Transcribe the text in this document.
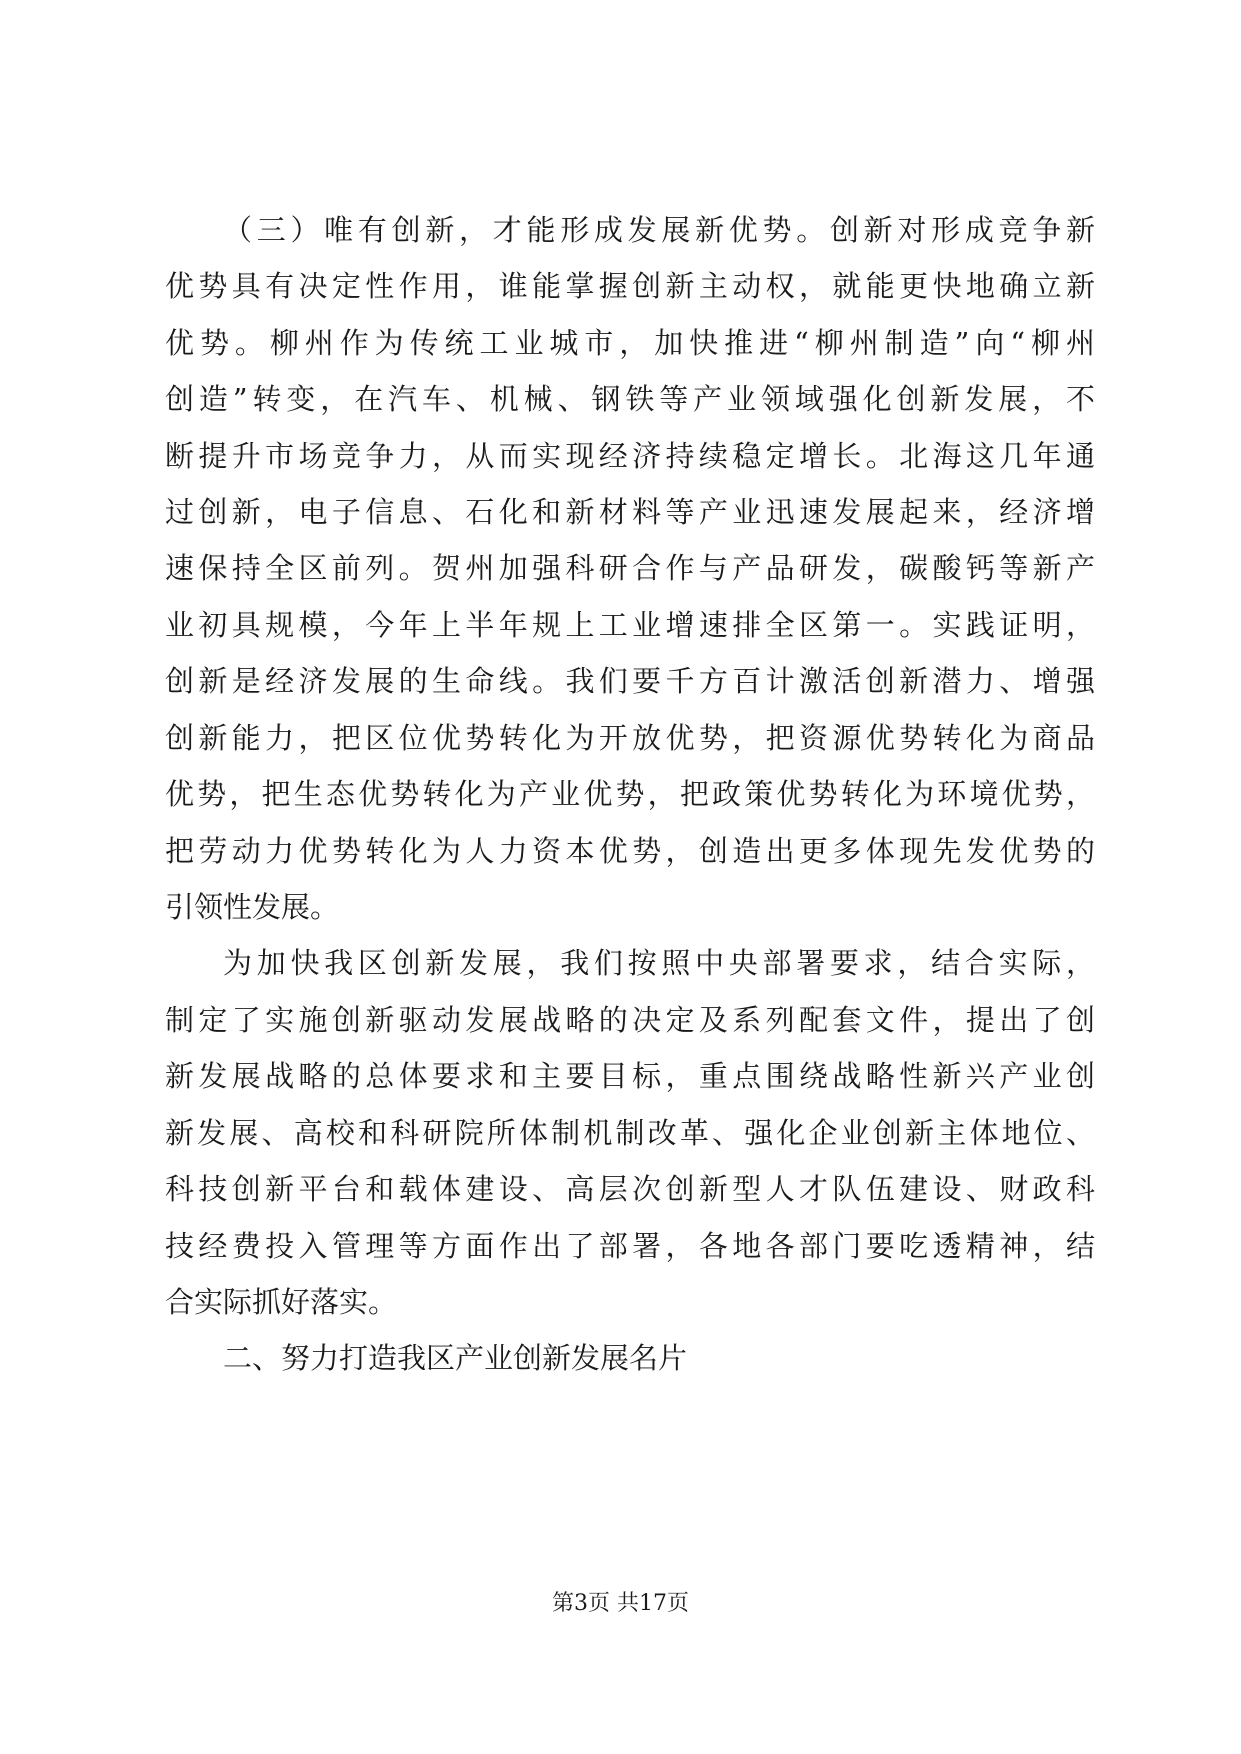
（三）唯有创新，才能形成发展新优势。创新对形成竞争新
优势具有决定性作用，谁能掌握创新主动权，就能更快地确立新
优势。柳州作为传统工业城市，加快推进“柳州制造”向“柳州
创造”转变，在汽车、机械、钢铁等产业领域强化创新发展，不
断提升市场竞争力，从而实现经济持续稳定增长。北海这几年通
过创新，电子信息、石化和新材料等产业迅速发展起来，经济增
速保持全区前列。贺州加强科研合作与产品研发，碳酸钙等新产
业初具规模，今年上半年规上工业增速排全区第一。实践证明，
创新是经济发展的生命线。我们要千方百计激活创新潜力、增强
创新能力，把区位优势转化为开放优势，把资源优势转化为商品
优势，把生态优势转化为产业优势，把政策优势转化为环境优势，
把劳动力优势转化为人力资本优势，创造出更多体现先发优势的
引领性发展。
为加快我区创新发展，我们按照中央部署要求，结合实际，
制定了实施创新驱动发展战略的决定及系列配套文件，提出了创
新发展战略的总体要求和主要目标，重点围绕战略性新兴产业创
新发展、高校和科研院所体制机制改革、强化企业创新主体地位、
科技创新平台和载体建设、高层次创新型人才队伍建设、财政科
技经费投入管理等方面作出了部署，各地各部门要吃透精神，结
合实际抓好落实。
二、努力打造我区产业创新发展名片
第3页 共17页
